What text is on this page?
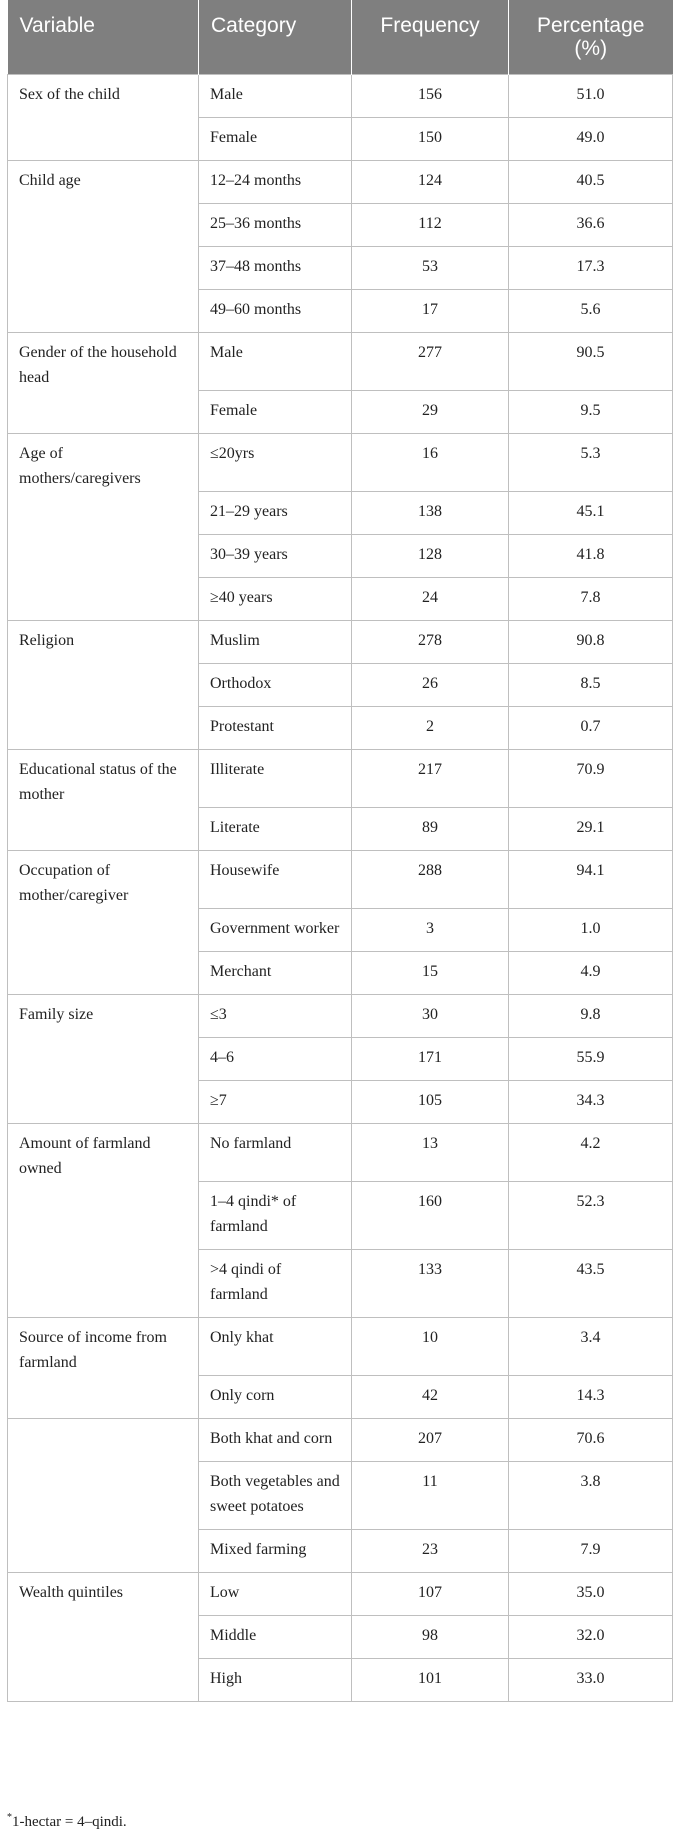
Variable	Category	Frequency	Percentage (%)
Sex of the child	Male	156	51.0
	Female	150	49.0
Child age	12–24 months	124	40.5
	25–36 months	112	36.6
	37–48 months	53	17.3
	49–60 months	17	5.6
Gender of the household head	Male	277	90.5
	Female	29	9.5
Age of mothers/caregivers	≤20yrs	16	5.3
	21–29 years	138	45.1
	30–39 years	128	41.8
	≥40 years	24	7.8
Religion	Muslim	278	90.8
	Orthodox	26	8.5
	Protestant	2	0.7
Educational status of the mother	Illiterate	217	70.9
	Literate	89	29.1
Occupation of mother/caregiver	Housewife	288	94.1
	Government worker	3	1.0
	Merchant	15	4.9
Family size	≤3	30	9.8
	4–6	171	55.9
	≥7	105	34.3
Amount of farmland owned	No farmland	13	4.2
	1–4 qindi* of farmland	160	52.3
	>4 qindi of farmland	133	43.5
Source of income from farmland	Only khat	10	3.4
	Only corn	42	14.3
	Both khat and corn	207	70.6
	Both vegetables and sweet potatoes	11	3.8
	Mixed farming	23	7.9
Wealth quintiles	Low	107	35.0
	Middle	98	32.0
	High	101	33.0
*1-hectar = 4–qindi.
